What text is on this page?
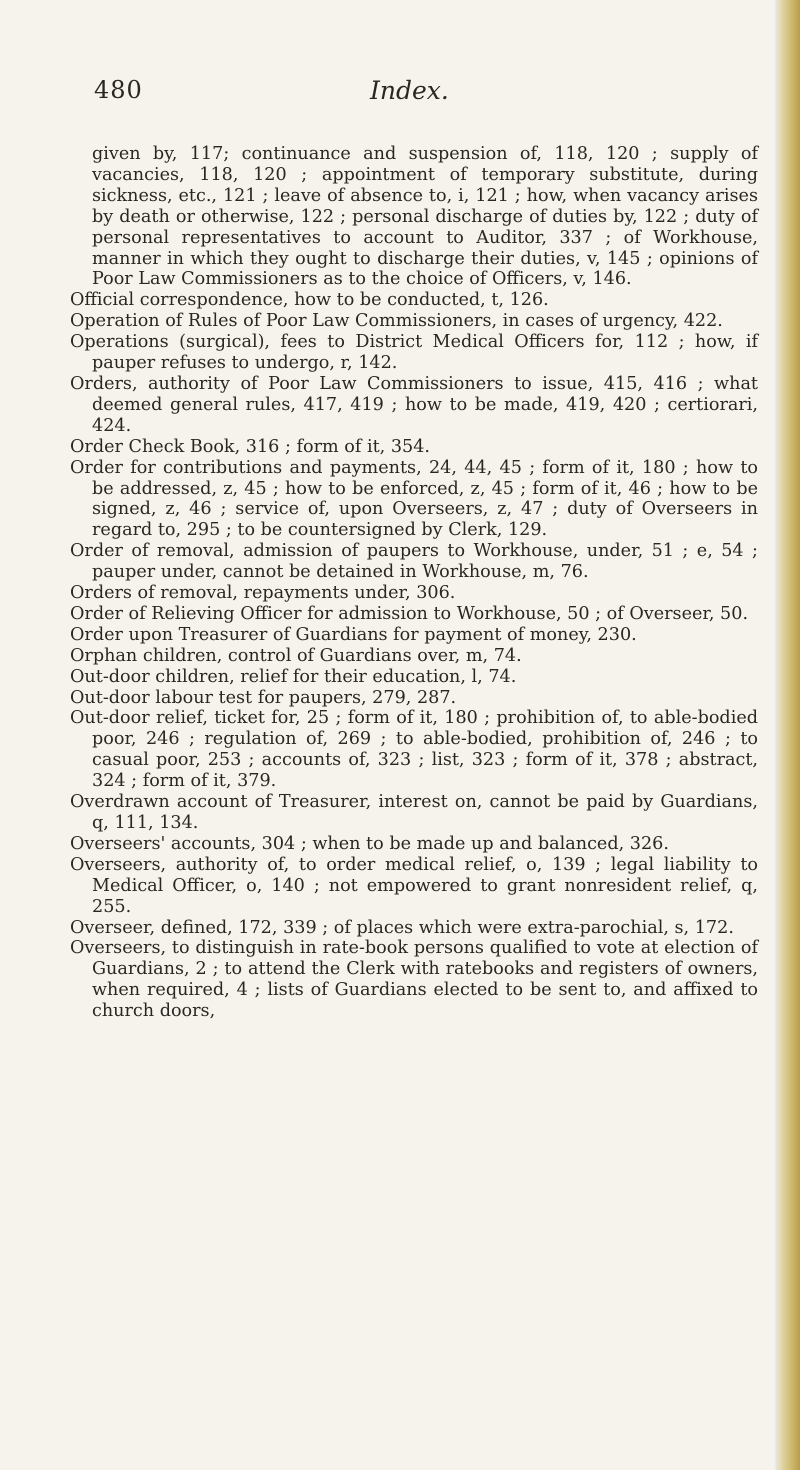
480	Index.

given by, 117; continuance and suspension of, 118, 120 ; supply of vacancies, 118, 120 ; appointment of temporary substitute, during sickness, etc., 121 ; leave of absence to, i, 121 ; how, when vacancy arises by death or otherwise, 122 ; personal discharge of duties by, 122 ; duty of personal representatives to account to Auditor, 337 ; of Workhouse, manner in which they ought to discharge their duties, v, 145 ; opinions of Poor Law Commissioners as to the choice of Officers, v, 146.

Official correspondence, how to be conducted, t, 126.

Operation of Rules of Poor Law Commissioners, in cases of urgency, 422.

Operations (surgical), fees to District Medical Officers for, 112 ; how, if pauper refuses to undergo, r, 142.

Orders, authority of Poor Law Commissioners to issue, 415, 416 ; what deemed general rules, 417, 419 ; how to be made, 419, 420 ; certiorari, 424.

Order Check Book, 316 ; form of it, 354.

Order for contributions and payments, 24, 44, 45 ; form of it, 180 ; how to be addressed, z, 45 ; how to be enforced, z, 45 ; form of it, 46 ; how to be signed, z, 46 ; service of, upon Overseers, z, 47 ; duty of Overseers in regard to, 295 ; to be countersigned by Clerk, 129.

Order of removal, admission of paupers to Workhouse, under, 51 ; e, 54 ; pauper under, cannot be detained in Workhouse, m, 76.

Orders of removal, repayments under, 306.

Order of Relieving Officer for admission to Workhouse, 50 ; of Overseer, 50.

Order upon Treasurer of Guardians for payment of money, 230.

Orphan children, control of Guardians over, m, 74.

Out-door children, relief for their education, l, 74.

Out-door labour test for paupers, 279, 287.

Out-door relief, ticket for, 25 ; form of it, 180 ; prohibition of, to able-bodied poor, 246 ; regulation of, 269 ; to able-bodied, prohibition of, 246 ; to casual poor, 253 ; accounts of, 323 ; list, 323 ; form of it, 378 ; abstract, 324 ; form of it, 379.

Overdrawn account of Treasurer, interest on, cannot be paid by Guardians, q, 111, 134.

Overseers' accounts, 304 ; when to be made up and balanced, 326.

Overseers, authority of, to order medical relief, o, 139 ; legal liability to Medical Officer, o, 140 ; not empowered to grant nonresident relief, q, 255.

Overseer, defined, 172, 339 ; of places which were extra-parochial, s, 172.

Overseers, to distinguish in rate-book persons qualified to vote at election of Guardians, 2 ; to attend the Clerk with ratebooks and registers of owners, when required, 4 ; lists of Guardians elected to be sent to, and affixed to church doors,
